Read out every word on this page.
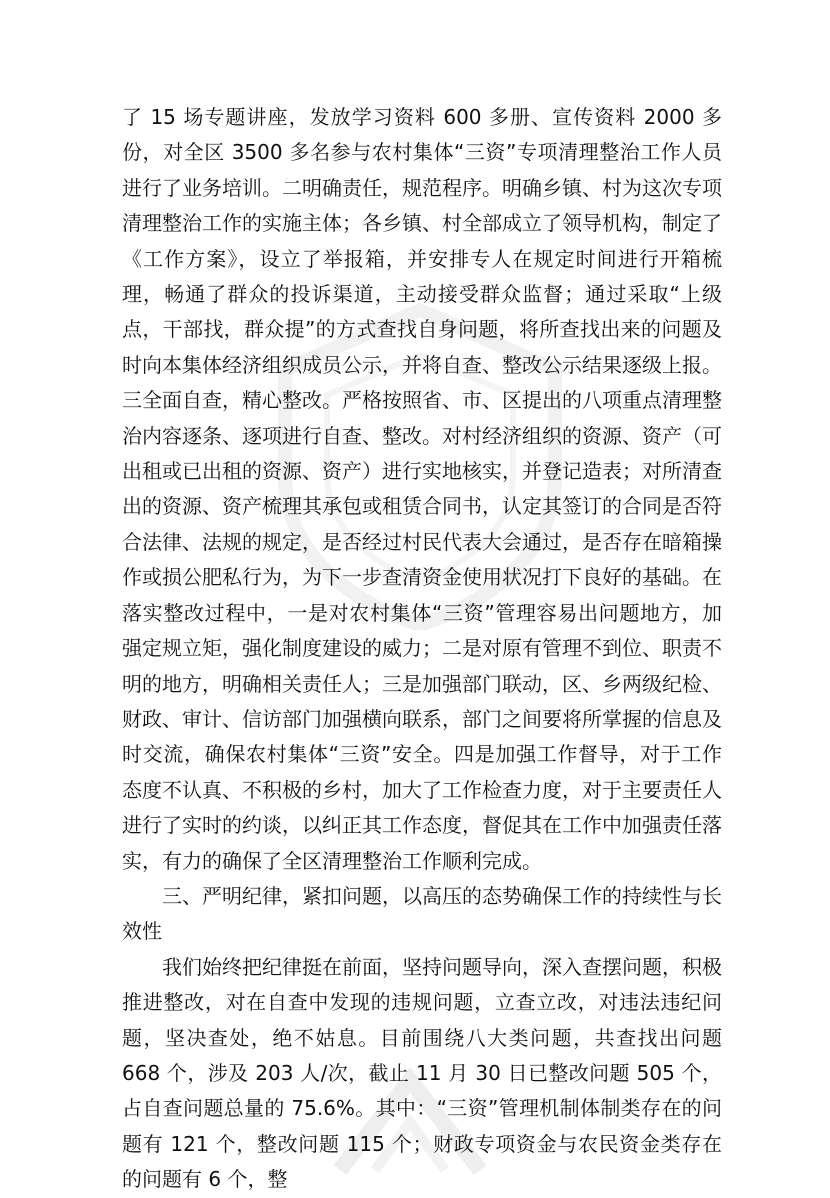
了 15 场专题讲座，发放学习资料 600 多册、宣传资料 2000 多份，对全区 3500 多名参与农村集体“三资”专项清理整治工作人员进行了业务培训。二明确责任，规范程序。明确乡镇、村为这次专项清理整治工作的实施主体；各乡镇、村全部成立了领导机构，制定了《工作方案》，设立了举报箱，并安排专人在规定时间进行开箱梳理，畅通了群众的投诉渠道，主动接受群众监督；通过采取“上级点，干部找，群众提”的方式查找自身问题，将所查找出来的问题及时向本集体经济组织成员公示，并将自查、整改公示结果逐级上报。三全面自查，精心整改。严格按照省、市、区提出的八项重点清理整治内容逐条、逐项进行自查、整改。对村经济组织的资源、资产（可出租或已出租的资源、资产）进行实地核实，并登记造表；对所清查出的资源、资产梳理其承包或租赁合同书，认定其签订的合同是否符合法律、法规的规定，是否经过村民代表大会通过，是否存在暗箱操作或损公肥私行为，为下一步查清资金使用状况打下良好的基础。在落实整改过程中，一是对农村集体“三资”管理容易出问题地方，加强定规立矩，强化制度建设的威力；二是对原有管理不到位、职责不明的地方，明确相关责任人；三是加强部门联动，区、乡两级纪检、财政、审计、信访部门加强横向联系，部门之间要将所掌握的信息及时交流，确保农村集体“三资”安全。四是加强工作督导，对于工作态度不认真、不积极的乡村，加大了工作检查力度，对于主要责任人进行了实时的约谈，以纠正其工作态度，督促其在工作中加强责任落实，有力的确保了全区清理整治工作顺利完成。

三、严明纪律，紧扣问题，以高压的态势确保工作的持续性与长效性

我们始终把纪律挺在前面，坚持问题导向，深入查摆问题，积极推进整改，对在自查中发现的违规问题，立查立改，对违法违纪问题，坚决查处，绝不姑息。目前围绕八大类问题，共查找出问题 668 个，涉及 203 人/次，截止 11 月 30 日已整改问题 505 个，占自查问题总量的 75.6%。其中：“三资”管理机制体制类存在的问题有 121 个，整改问题 115 个；财政专项资金与农民资金类存在的问题有 6 个，整
